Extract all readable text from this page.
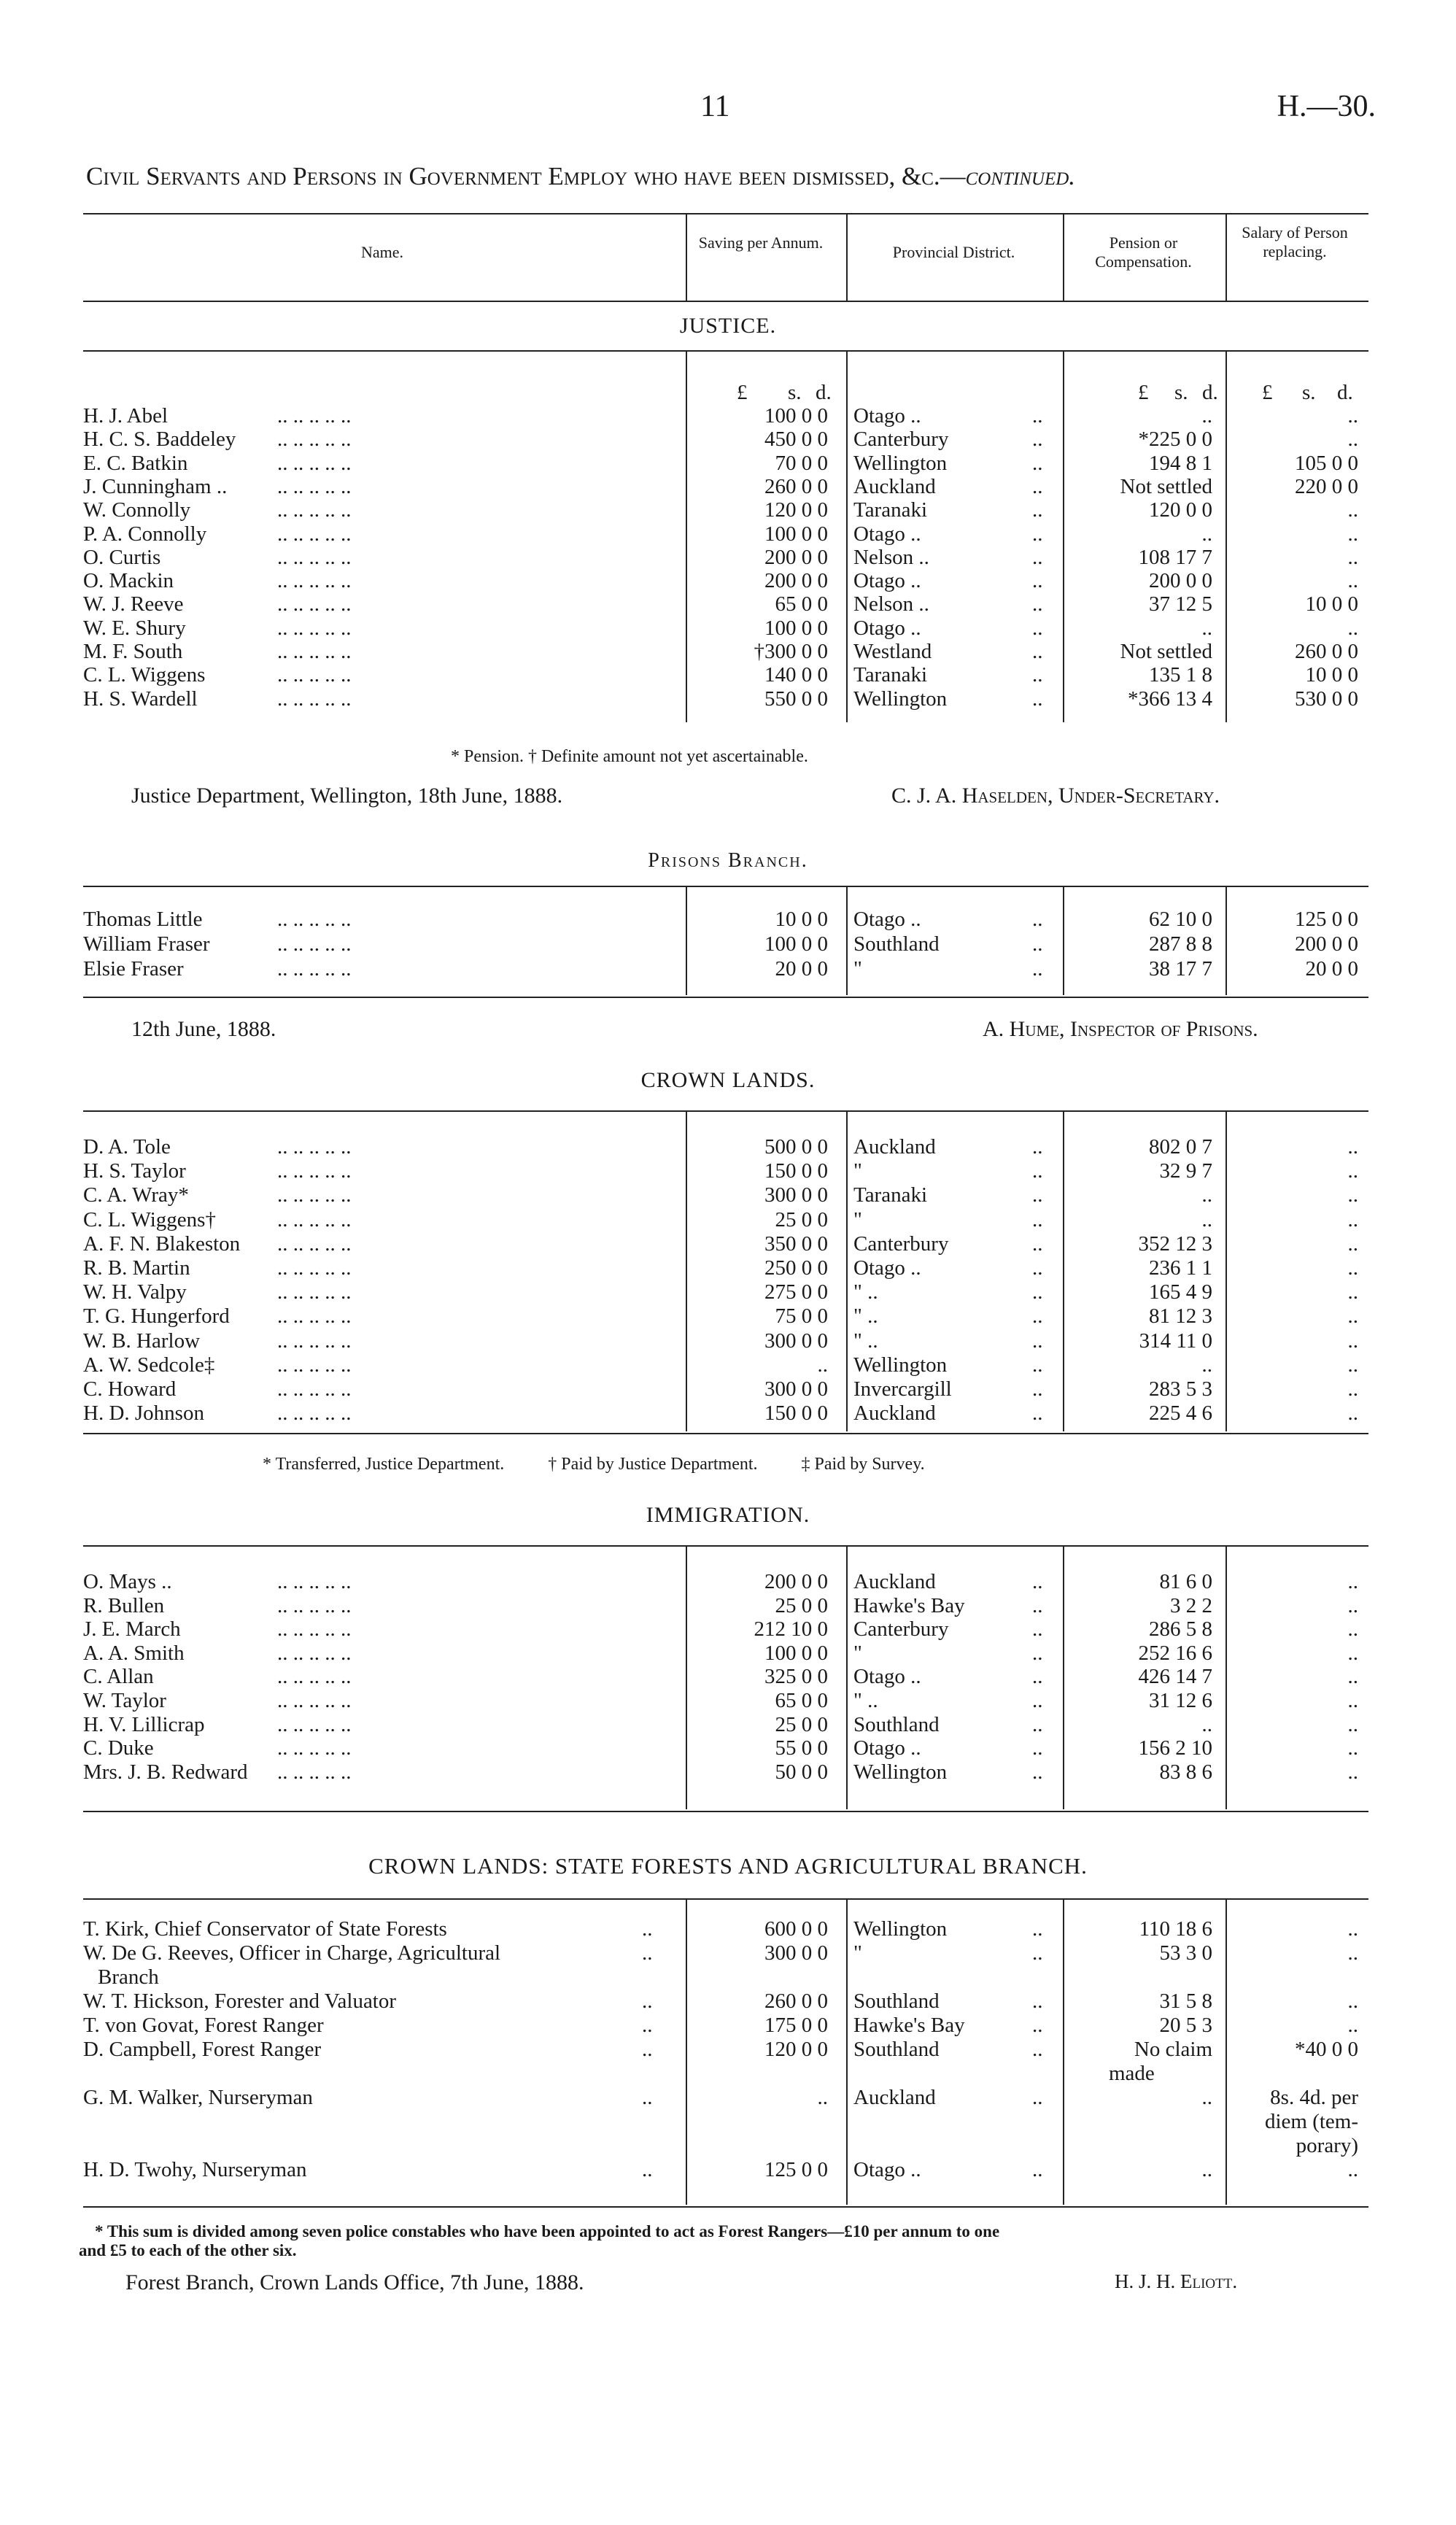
11	H.—30.
Civil Servants and Persons in Government Employ who have been dismissed, &c.—continued.
Name.
Saving per Annum.
Provincial District.
Pension or Compensation.
Salary of Person replacing.
JUSTICE.
£ s. d.	£ s. d. £ s. d.
H. J. Abel	.. .. .. .. ..	100 0 0 Otago ..	..	..	..
H. C. S. Baddeley .. .. .. .. ..	450 0 0 Canterbury	..	*225 0 0	..
E. C. Batkin	.. .. .. .. ..	70 0 0 Wellington	..	194 8 1	105 0 0
J. Cunningham .. .. .. .. .. ..	260 0 0 Auckland	..	Not settled	220 0 0
W. Connolly	.. .. .. .. ..	120 0 0 Taranaki	..	120 0 0	..
P. A. Connolly	.. .. .. .. ..	100 0 0 Otago ..	..	..	..
O. Curtis	.. .. .. .. ..	200 0 0 Nelson ..	..	108 17 7	..
O. Mackin	.. .. .. .. ..	200 0 0 Otago ..	..	200 0 0	..
W. J. Reeve	.. .. .. .. ..	65 0 0 Nelson ..	..	37 12 5	10 0 0
W. E. Shury	.. .. .. .. ..	100 0 0 Otago ..	..	..	..
M. F. South	.. .. .. .. ..	†300 0 0 Westland	..	Not settled	260 0 0
C. L. Wiggens	.. .. .. .. ..	140 0 0 Taranaki	..	135 1 8	10 0 0
H. S. Wardell	.. .. .. .. ..	550 0 0 Wellington	..	*366 13 4	530 0 0
* Pension. † Definite amount not yet ascertainable.
Justice Department, Wellington, 18th June, 1888.	C. J. A. Haselden, Under-Secretary.
Prisons Branch.
Thomas Little	.. .. .. .. ..	10 0 0 Otago ..	..	62 10 0	125 0 0
William Fraser	.. .. .. .. ..	100 0 0 Southland	..	287 8 8	200 0 0
Elsie Fraser	.. .. .. .. ..	20 0 0 "	..	38 17 7	20 0 0
12th June, 1888.	A. Hume, Inspector of Prisons.
CROWN LANDS.
D. A. Tole	.. .. .. .. ..	500 0 0 Auckland	..	802 0 7	..
H. S. Taylor	.. .. .. .. ..	150 0 0 "	..	32 9 7	..
C. A. Wray*	.. .. .. .. ..	300 0 0 Taranaki	..	..	..
C. L. Wiggens†	.. .. .. .. ..	25 0 0 "	..	..	..
A. F. N. Blakeston .. .. .. .. ..	350 0 0 Canterbury	..	352 12 3	..
R. B. Martin	.. .. .. .. ..	250 0 0 Otago ..	..	236 1 1	..
W. H. Valpy	.. .. .. .. ..	275 0 0 " ..	..	165 4 9	..
T. G. Hungerford .. .. .. .. ..	75 0 0 " ..	..	81 12 3	..
W. B. Harlow	.. .. .. .. ..	300 0 0 " ..	..	314 11 0	..
A. W. Sedcole‡	.. .. .. .. ..	.. Wellington	..	..	..
C. Howard	.. .. .. .. ..	300 0 0 Invercargill	..	283 5 3	..
H. D. Johnson	.. .. .. .. ..	150 0 0 Auckland	..	225 4 6	..
* Transferred, Justice Department.          † Paid by Justice Department.          ‡ Paid by Survey.
IMMIGRATION.
O. Mays ..	.. .. .. .. ..	200 0 0 Auckland	..	81 6 0	..
R. Bullen	.. .. .. .. ..	25 0 0 Hawke's Bay	..	3 2 2	..
J. E. March	.. .. .. .. ..	212 10 0 Canterbury	..	286 5 8	..
A. A. Smith	.. .. .. .. ..	100 0 0 "	..	252 16 6	..
C. Allan	.. .. .. .. ..	325 0 0 Otago ..	..	426 14 7	..
W. Taylor	.. .. .. .. ..	65 0 0 " ..	..	31 12 6	..
H. V. Lillicrap	.. .. .. .. ..	25 0 0 Southland	..	..	..
C. Duke	.. .. .. .. ..	55 0 0 Otago ..	..	156 2 10	..
Mrs. J. B. Redward .. .. .. .. ..	50 0 0 Wellington	..	83 8 6	..
CROWN LANDS: STATE FORESTS AND AGRICULTURAL BRANCH.
T. Kirk, Chief Conservator of State Forests	..	600 0 0 Wellington	..	110 18 6	..
W. De G. Reeves, Officer in Charge, Agricultural	..	300 0 0 "	..	53 3 0	..
Branch
W. T. Hickson, Forester and Valuator	..	260 0 0 Southland	..	31 5 8	..
T. von Govat, Forest Ranger	..	175 0 0 Hawke's Bay	..	20 5 3	..
D. Campbell, Forest Ranger	..	120 0 0 Southland	..	No claim	*40 0 0
made
G. M. Walker, Nurseryman	..	.. Auckland	..	..	8s. 4d. per
diem (tem-
porary)
H. D. Twohy, Nurseryman	..	125 0 0 Otago ..	..	..	..
* This sum is divided among seven police constables who have been appointed to act as Forest Rangers—£10 per annum to one
and £5 to each of the other six.
Forest Branch, Crown Lands Office, 7th June, 1888.	H. J. H. Eliott.
